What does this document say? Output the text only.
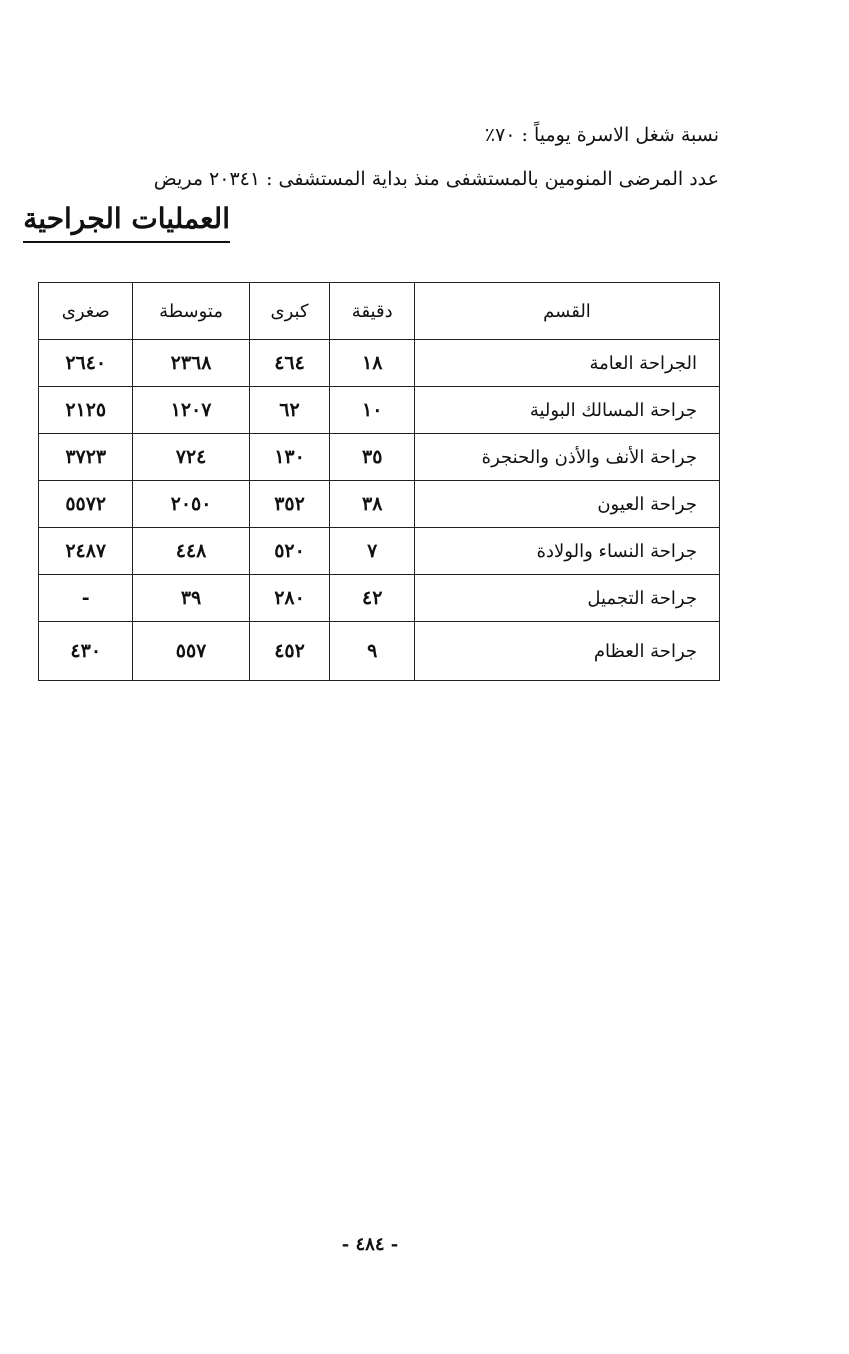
نسبة شغل الاسرة يومياً : ٧٠٪
عدد المرضى المنومين بالمستشفى منذ بداية المستشفى : ٢٠٣٤١ مريض
العمليات الجراحية
القسم	دقيقة	كبرى	متوسطة	صغرى
الجراحة العامة	١٨	٤٦٤	٢٣٦٨	٢٦٤٠
جراحة المسالك البولية	١٠	٦٢	١٢٠٧	٢١٢٥
جراحة الأنف والأذن والحنجرة	٣٥	١٣٠	٧٢٤	٣٧٢٣
جراحة العيون	٣٨	٣٥٢	٢٠٥٠	٥٥٧٢
جراحة النساء والولادة	٧	٥٢٠	٤٤٨	٢٤٨٧
جراحة التجميل	٤٢	٢٨٠	٣٩	-
جراحة العظام	٩	٤٥٢	٥٥٧	٤٣٠
- ٤٨٤ -
